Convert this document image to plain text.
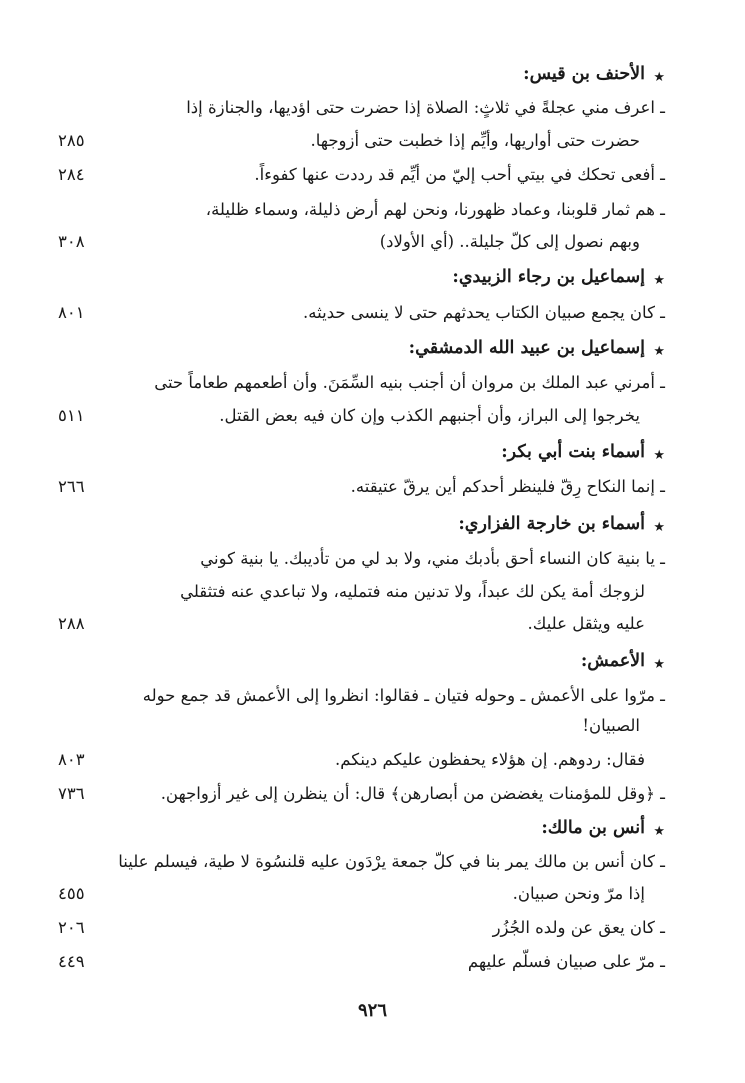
★
الأحنف بن قيس:
ـ اعرف مني عجلةً في ثلاثٍ: الصلاة إذا حضرت حتى اؤديها، والجنازة إذا
حضرت حتى أواريها، وأيِّم إذا خطبت حتى أزوجها.
٢٨٥
ـ أفعى تحكك في بيتي أحب إليّ من أيِّم قد رددت عنها كفوءاً.
٢٨٤
ـ هم ثمار قلوبنا، وعماد ظهورنا، ونحن لهم أرض ذليلة، وسماء ظليلة،
وبهم نصول إلى كلّ جليلة.. (أي الأولاد)
٣٠٨
★
إسماعيل بن رجاء الزبيدي:
ـ كان يجمع صبيان الكتاب يحدثهم حتى لا ينسى حديثه.
٨٠١
★
إسماعيل بن عبيد الله الدمشقي:
ـ أمرني عبد الملك بن مروان أن أجنب بنيه السِّمَنَ. وأن أطعمهم طعاماً حتى
يخرجوا إلى البراز، وأن أجنبهم الكذب وإن كان فيه بعض القتل.
٥١١
★
أسماء بنت أبي بكر:
ـ إنما النكاح رِقّ فلينظر أحدكم أين يرقّ عتيقته.
٢٦٦
★
أسماء بن خارجة الفزاري:
ـ يا بنية كان النساء أحق بأدبك مني، ولا بد لي من تأديبك. يا بنية كوني
لزوجك أمة يكن لك عبداً، ولا تدنين منه فتمليه، ولا تباعدي عنه فتثقلي
عليه ويثقل عليك.
٢٨٨
★
الأعمش:
ـ مرّوا على الأعمش ـ وحوله فتيان ـ فقالوا: انظروا إلى الأعمش قد جمع حوله
الصبيان!
فقال: ردوهم. إن هؤلاء يحفظون عليكم دينكم.
٨٠٣
ـ ﴿وقل للمؤمنات يغضضن من أبصارهن﴾ قال: أن ينظرن إلى غير أزواجهن.
٧٣٦
★
أنس بن مالك:
ـ كان أنس بن مالك يمر بنا في كلّ جمعة يرْدَون عليه قلنسُوة لا طية، فيسلم علينا
إذا مرّ ونحن صبيان.
٤٥٥
ـ كان يعق عن ولده الجُزُر
٢٠٦
ـ مرّ على صبيان فسلّم عليهم
٤٤٩
٩٢٦
